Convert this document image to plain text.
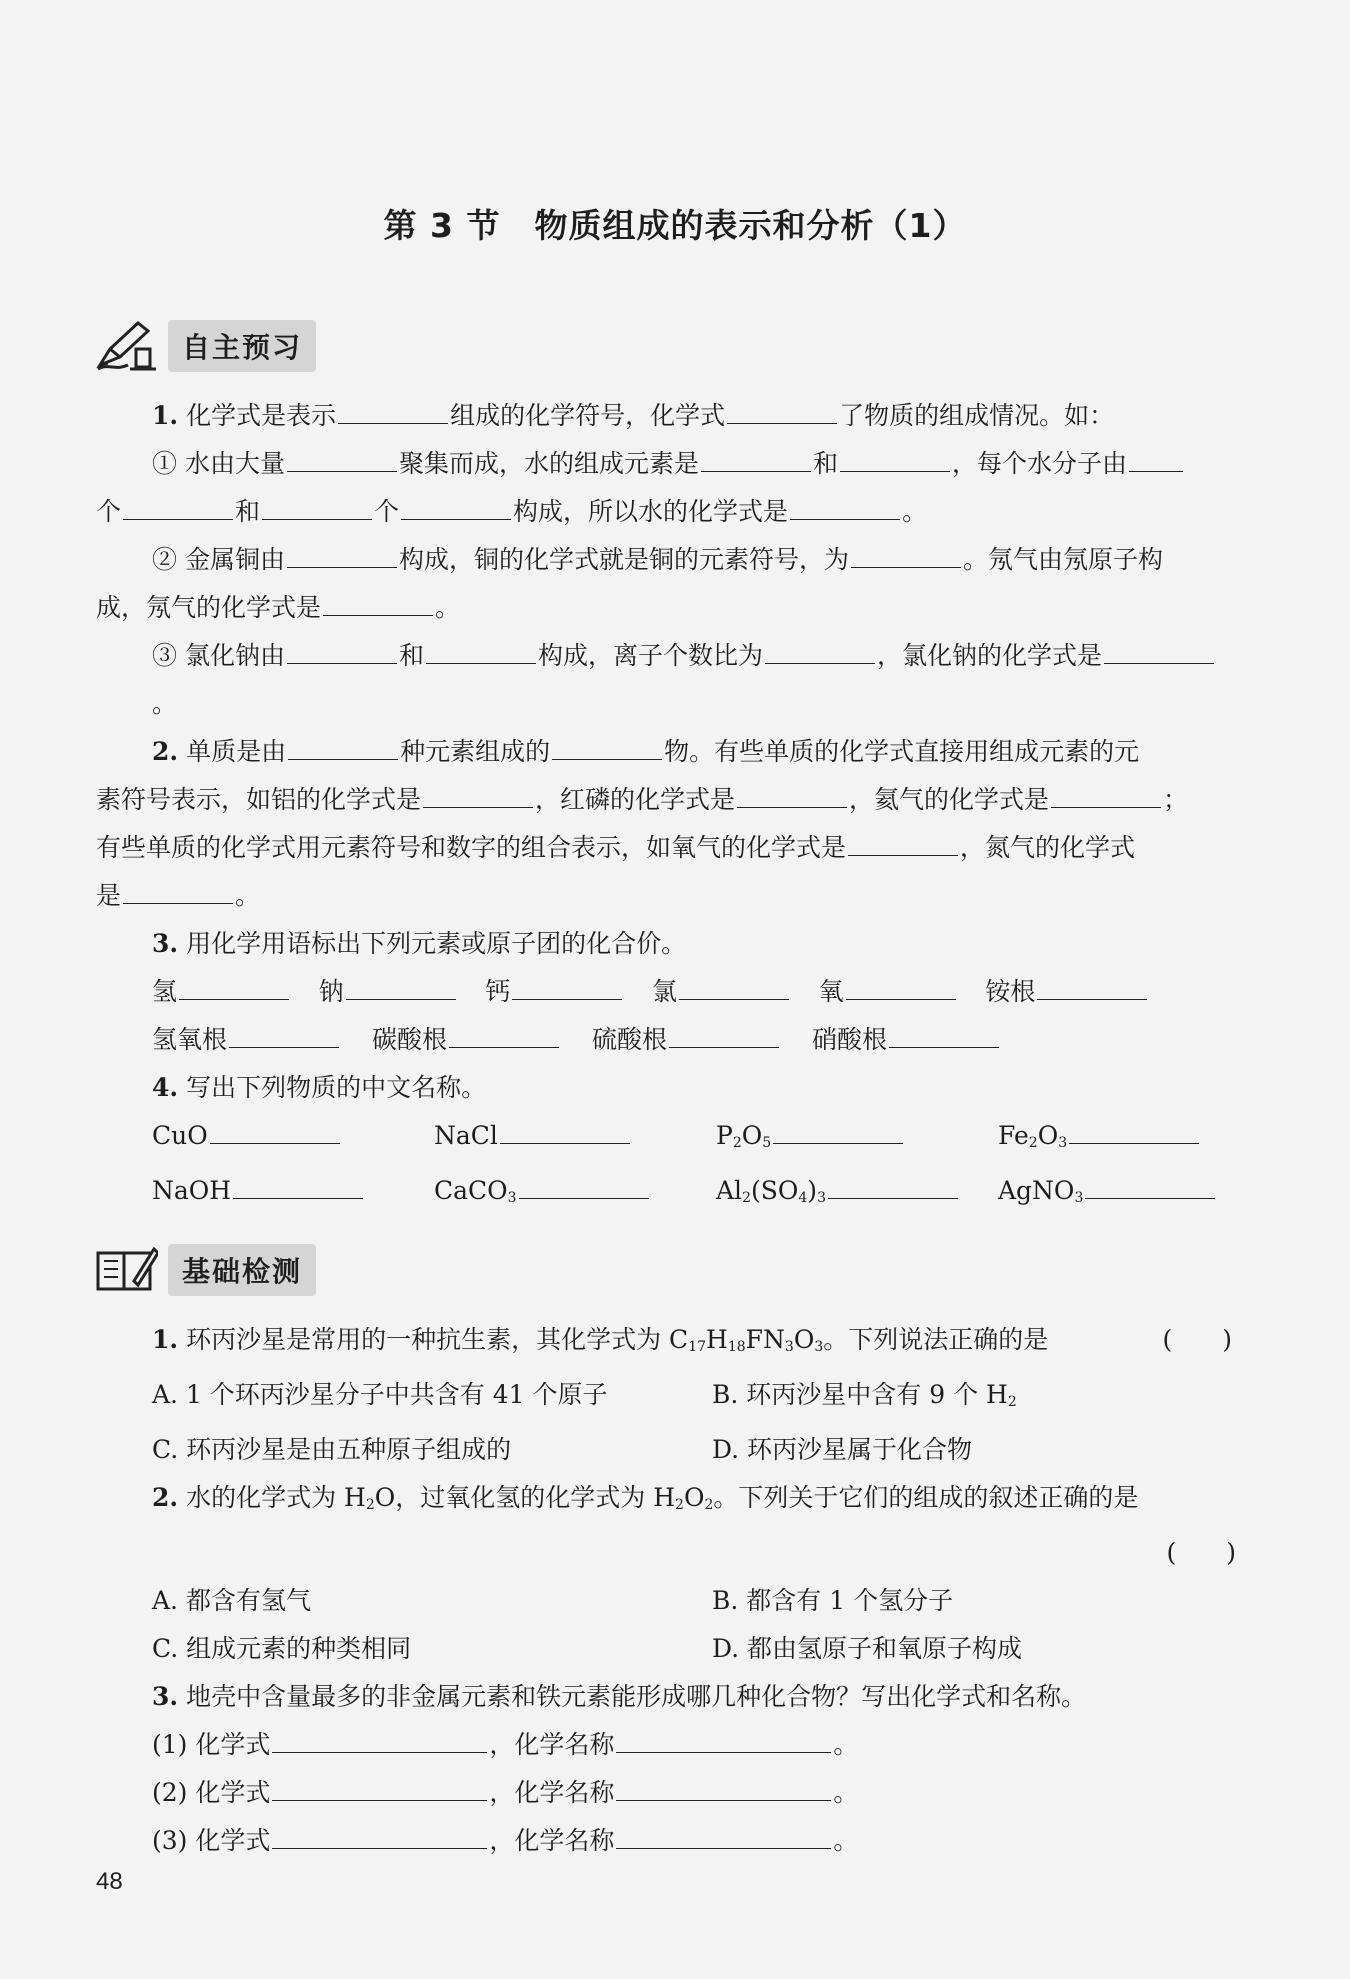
第 3 节　物质组成的表示和分析（1）
自主预习

1. 化学式是表示	组成的化学符号，化学式	了物质的组成情况。如：

① 水由大量	聚集而成，水的组成元素是	和	，每个水分子由

个	和	个	构成，所以水的化学式是	。

② 金属铜由	构成，铜的化学式就是铜的元素符号，为	。氖气由氖原子构

成，氖气的化学式是	。

③ 氯化钠由	和	构成，离子个数比为	，氯化钠的化学式是。

2. 单质是由	种元素组成的	物。有些单质的化学式直接用组成元素的元

素符号表示，如铝的化学式是	，红磷的化学式是	，氦气的化学式是	；

有些单质的化学式用元素符号和数字的组合表示，如氧气的化学式是	，氮气的化学式

是	。

3. 用化学用语标出下列元素或原子团的化合价。

氢	钠	钙	氯	氧	铵根
氢氧根	碳酸根	硫酸根	硝酸根

4. 写出下列物质的中文名称。

CuO	NaCl	$P_2O_5$	$Fe_2O_3$
NaOH	CaCO$_3$	$Al_2(SO_4)_3$	AgNO$_3$
基础检测

1. 环丙沙星是常用的一种抗生素，其化学式为 $C_{17}H_{18}FN_3O_3$。下列说法正确的是	(　　)

A. 1 个环丙沙星分子中共含有 41 个原子	B. 环丙沙星中含有 9 个 $H_2$
C. 环丙沙星是由五种原子组成的	D. 环丙沙星属于化合物

2. 水的化学式为 $H_2O$，过氧化氢的化学式为 $H_2O_2$。下列关于它们的组成的叙述正确的是

(　　)

A. 都含有氢气	B. 都含有 1 个氢分子
C. 组成元素的种类相同	D. 都由氢原子和氧原子构成

3. 地壳中含量最多的非金属元素和铁元素能形成哪几种化合物？写出化学式和名称。

(1) 化学式	，化学名称	。

(2) 化学式	，化学名称	。

(3) 化学式	，化学名称	。

48
